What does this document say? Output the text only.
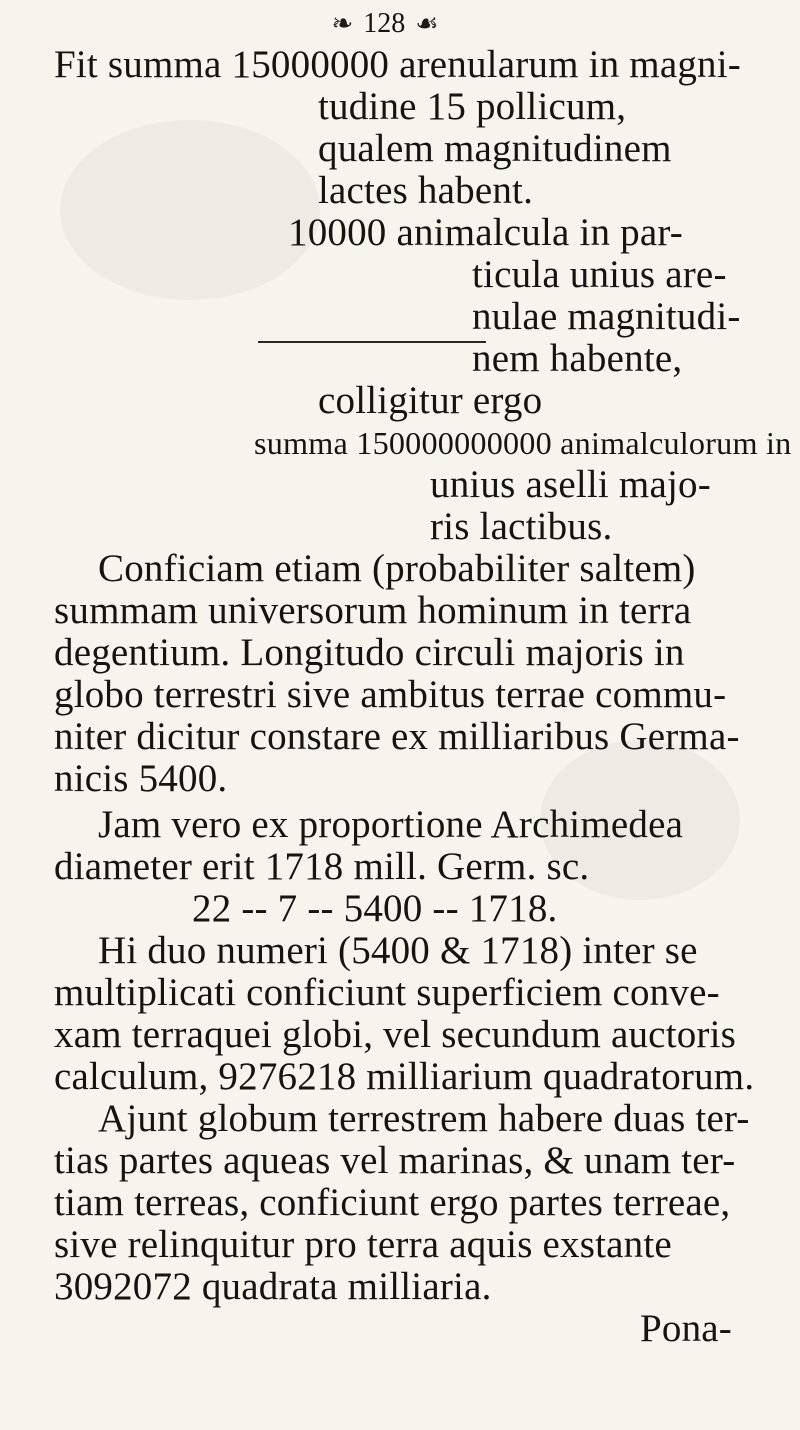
❧ 128 ☙
Fit summa 15000000 arenularum in magni-
tudine 15 pollicum,
qualem magnitudinem
lactes habent.
10000 animalcula in par-
ticula unius are-
nulae magnitudi-
nem habente,
colligitur ergo
summa 150000000000 animalculorum in
unius aselli majo-
ris lactibus.
Conficiam etiam (probabiliter saltem)
summam universorum hominum in terra
degentium. Longitudo circuli majoris in
globo terrestri sive ambitus terrae commu-
niter dicitur constare ex milliaribus Germa-
nicis 5400.
Jam vero ex proportione Archimedea
diameter erit 1718 mill. Germ. sc.
22 -- 7 -- 5400 -- 1718.
Hi duo numeri (5400 & 1718) inter se
multiplicati conficiunt superficiem conve-
xam terraquei globi, vel secundum auctoris
calculum, 9276218 milliarium quadratorum.
Ajunt globum terrestrem habere duas ter-
tias partes aqueas vel marinas, & unam ter-
tiam terreas, conficiunt ergo partes terreae,
sive relinquitur pro terra aquis exstante
3092072 quadrata milliaria.
Pona-
